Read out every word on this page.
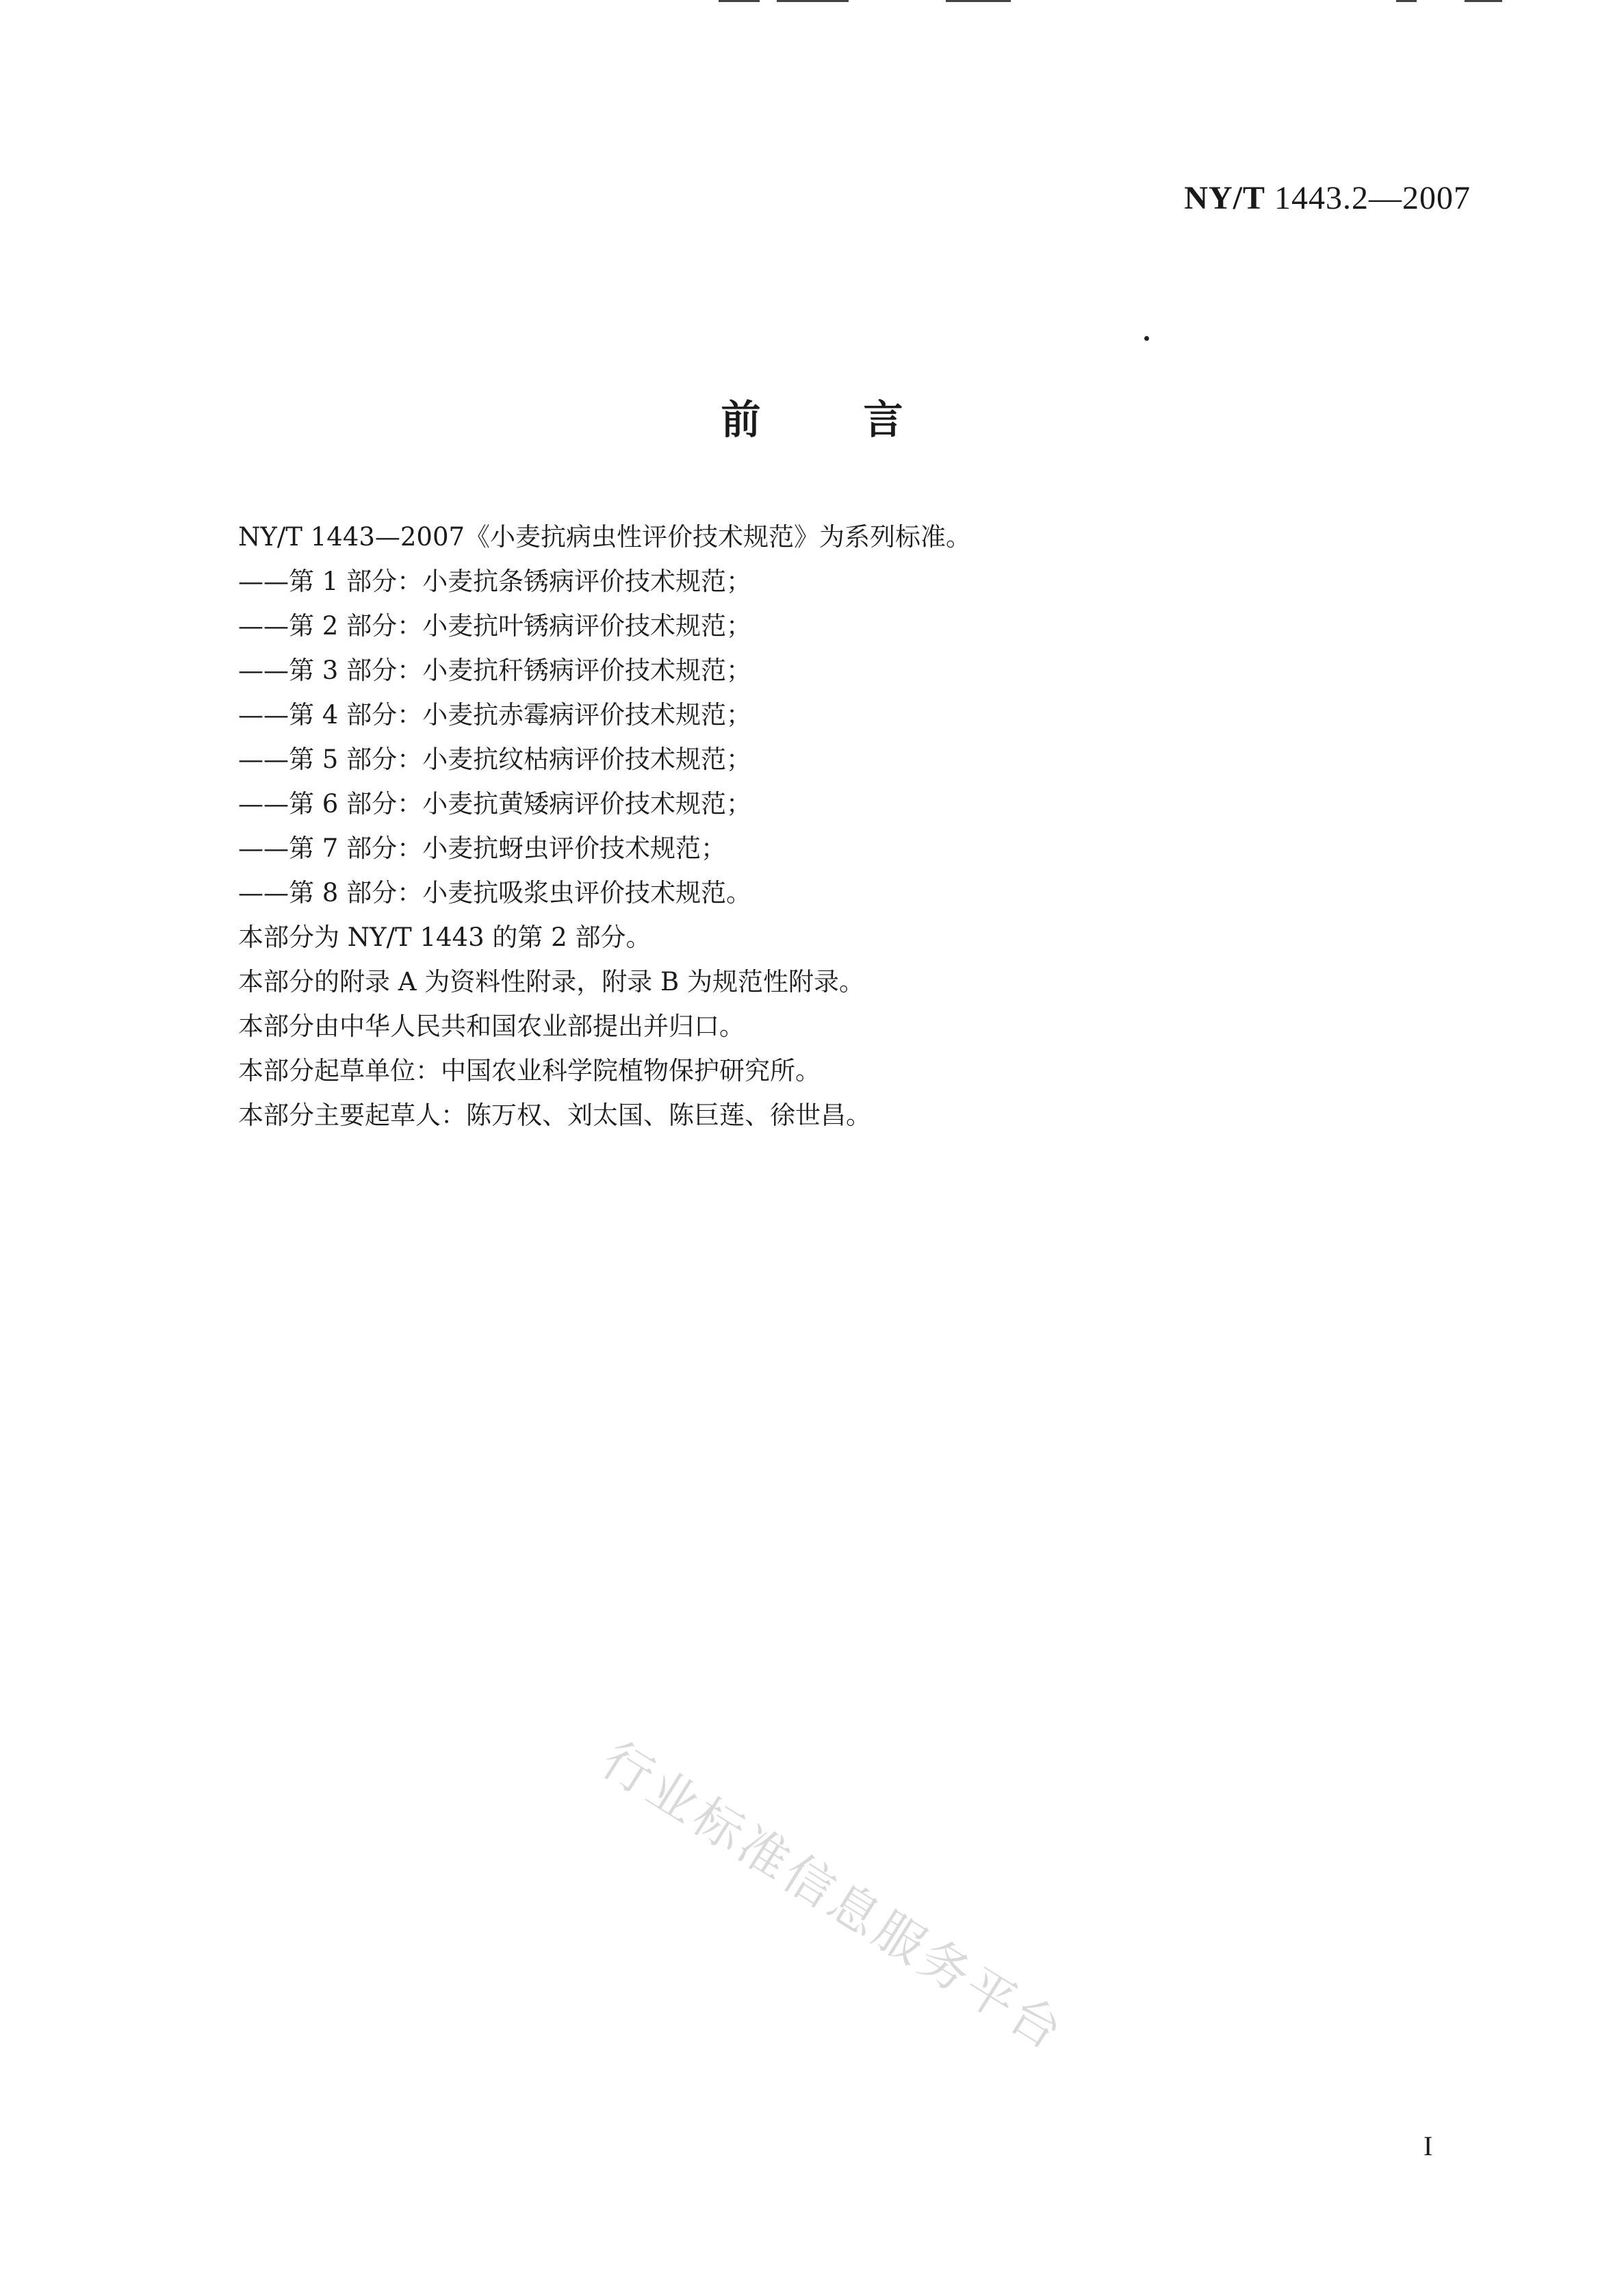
NY/T 1443.2—2007
前	言

NY/T 1443—2007《小麦抗病虫性评价技术规范》为系列标准。

——第 1 部分：小麦抗条锈病评价技术规范；

——第 2 部分：小麦抗叶锈病评价技术规范；

——第 3 部分：小麦抗秆锈病评价技术规范；

——第 4 部分：小麦抗赤霉病评价技术规范；

——第 5 部分：小麦抗纹枯病评价技术规范；

——第 6 部分：小麦抗黄矮病评价技术规范；

——第 7 部分：小麦抗蚜虫评价技术规范；

——第 8 部分：小麦抗吸浆虫评价技术规范。

本部分为 NY/T 1443 的第 2 部分。

本部分的附录 A 为资料性附录，附录 B 为规范性附录。

本部分由中华人民共和国农业部提出并归口。

本部分起草单位：中国农业科学院植物保护研究所。

本部分主要起草人：陈万权、刘太国、陈巨莲、徐世昌。

行业标准信息服务平台
I
